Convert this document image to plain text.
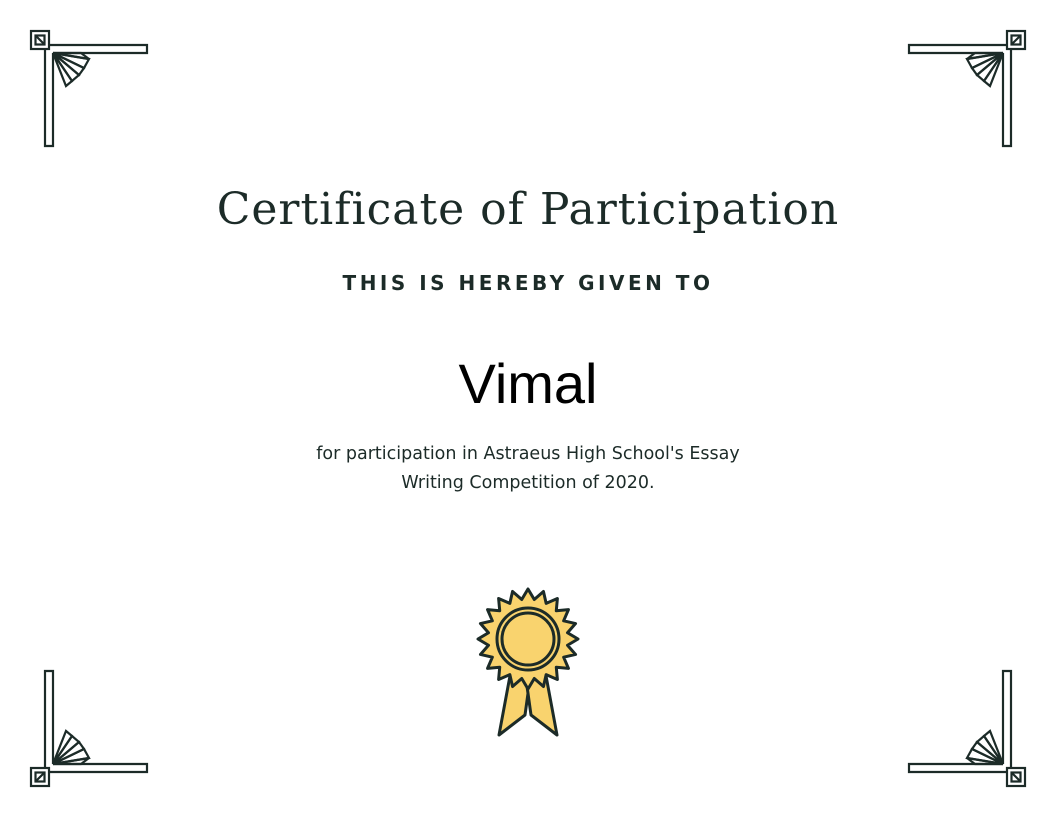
Certificate of Participation
THIS IS HEREBY GIVEN TO
Vimal
for participation in Astraeus High School's Essay Writing Competition of 2020.
